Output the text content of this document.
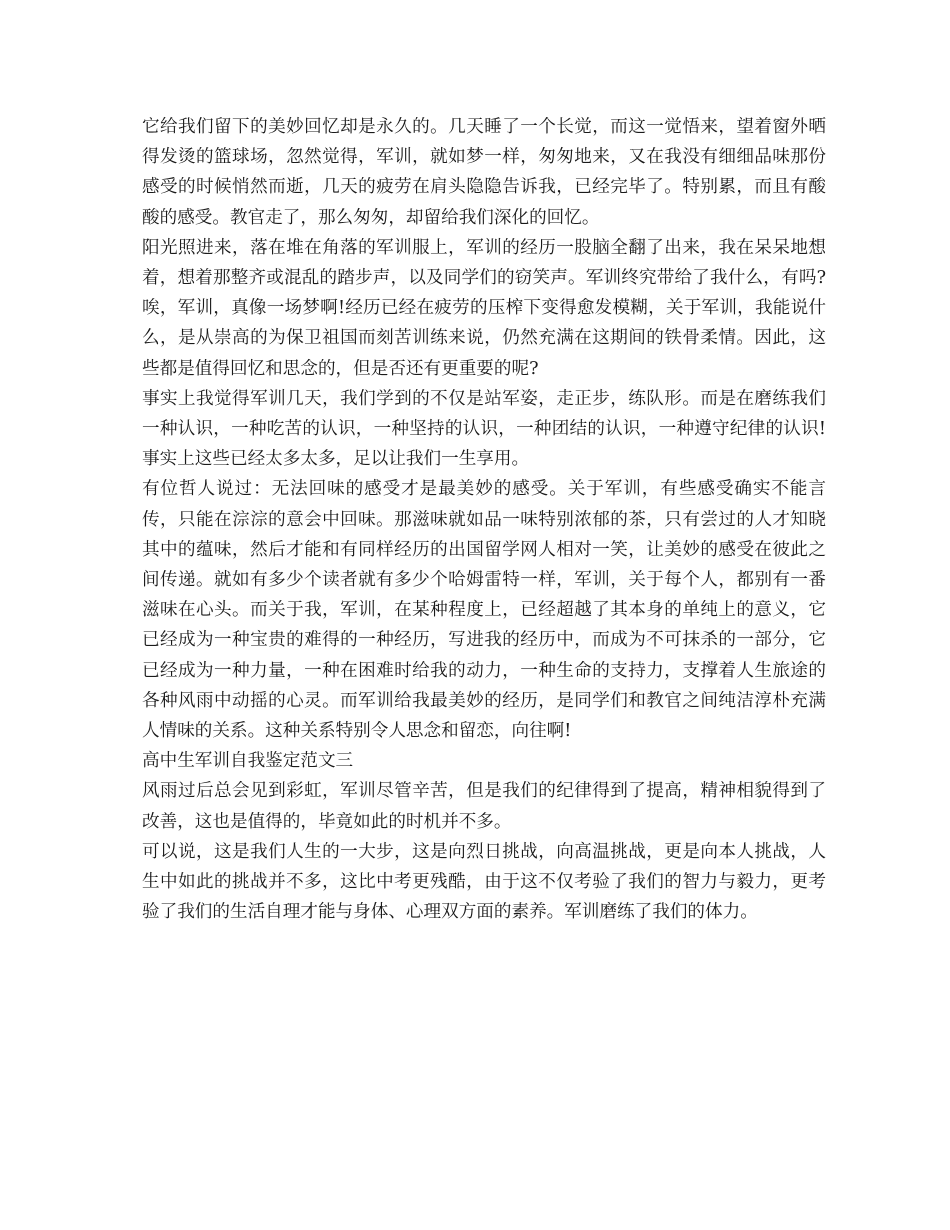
它给我们留下的美妙回忆却是永久的。几天睡了一个长觉，而这一觉悟来，望着窗外晒得发烫的篮球场，忽然觉得，军训，就如梦一样，匆匆地来，又在我没有细细品味那份感受的时候悄然而逝，几天的疲劳在肩头隐隐告诉我，已经完毕了。特别累，而且有酸酸的感受。教官走了，那么匆匆，却留给我们深化的回忆。

阳光照进来，落在堆在角落的军训服上，军训的经历一股脑全翻了出来，我在呆呆地想着，想着那整齐或混乱的踏步声，以及同学们的窃笑声。军训终究带给了我什么，有吗?唉，军训，真像一场梦啊!经历已经在疲劳的压榨下变得愈发模糊，关于军训，我能说什么，是从崇高的为保卫祖国而刻苦训练来说，仍然充满在这期间的铁骨柔情。因此，这些都是值得回忆和思念的，但是否还有更重要的呢?

事实上我觉得军训几天，我们学到的不仅是站军姿，走正步，练队形。而是在磨练我们一种认识，一种吃苦的认识，一种坚持的认识，一种团结的认识，一种遵守纪律的认识!事实上这些已经太多太多，足以让我们一生享用。

有位哲人说过：无法回味的感受才是最美妙的感受。关于军训，有些感受确实不能言传，只能在淙淙的意会中回味。那滋味就如品一味特别浓郁的茶，只有尝过的人才知晓其中的蕴味，然后才能和有同样经历的出国留学网人相对一笑，让美妙的感受在彼此之间传递。就如有多少个读者就有多少个哈姆雷特一样，军训，关于每个人，都别有一番滋味在心头。而关于我，军训，在某种程度上，已经超越了其本身的单纯上的意义，它已经成为一种宝贵的难得的一种经历，写进我的经历中，而成为不可抹杀的一部分，它已经成为一种力量，一种在困难时给我的动力，一种生命的支持力，支撑着人生旅途的各种风雨中动摇的心灵。而军训给我最美妙的经历，是同学们和教官之间纯洁淳朴充满人情味的关系。这种关系特别令人思念和留恋，向往啊!

高中生军训自我鉴定范文三

风雨过后总会见到彩虹，军训尽管辛苦，但是我们的纪律得到了提高，精神相貌得到了改善，这也是值得的，毕竟如此的时机并不多。

可以说，这是我们人生的一大步，这是向烈日挑战，向高温挑战，更是向本人挑战，人生中如此的挑战并不多，这比中考更残酷，由于这不仅考验了我们的智力与毅力，更考验了我们的生活自理才能与身体、心理双方面的素养。军训磨练了我们的体力。
